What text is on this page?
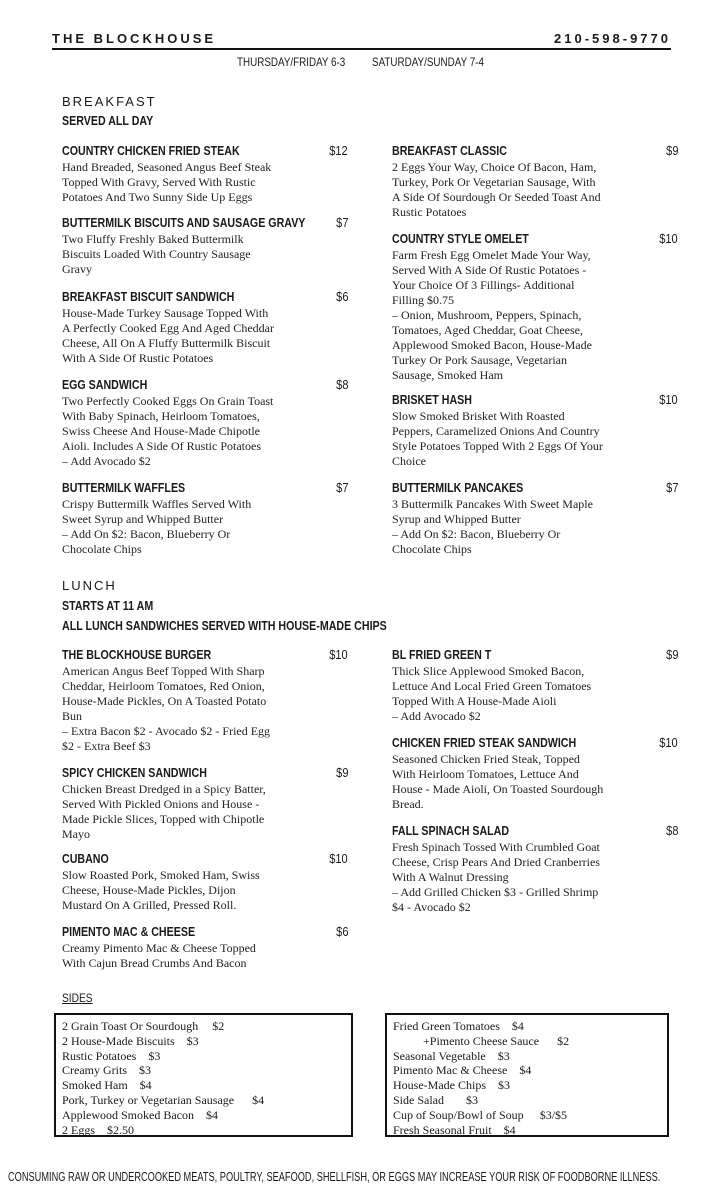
THE BLOCKHOUSE	210-598-9770
THURSDAY/FRIDAY 6-3 SATURDAY/SUNDAY 7-4
BREAKFAST
SERVED ALL DAY
COUNTRY CHICKEN FRIED STEAK	$12
Hand Breaded, Seasoned Angus Beef Steak
Topped With Gravy, Served With Rustic
Potatoes And Two Sunny Side Up Eggs
BUTTERMILK BISCUITS AND SAUSAGE GRAVY $7
Two Fluffy Freshly Baked Buttermilk
Biscuits Loaded With Country Sausage
Gravy
BREAKFAST BISCUIT SANDWICH	$6
House-Made Turkey Sausage Topped With
A Perfectly Cooked Egg And Aged Cheddar
Cheese, All On A Fluffy Buttermilk Biscuit
With A Side Of Rustic Potatoes
EGG SANDWICH	$8
Two Perfectly Cooked Eggs On Grain Toast
With Baby Spinach, Heirloom Tomatoes,
Swiss Cheese And House-Made Chipotle
Aioli. Includes A Side Of Rustic Potatoes
– Add Avocado $2
BUTTERMILK WAFFLES	$7
Crispy Buttermilk Waffles Served With
Sweet Syrup and Whipped Butter
– Add On $2: Bacon, Blueberry Or
Chocolate Chips
BREAKFAST CLASSIC	$9
2 Eggs Your Way, Choice Of Bacon, Ham,
Turkey, Pork Or Vegetarian Sausage, With
A Side Of Sourdough Or Seeded Toast And
Rustic Potatoes
COUNTRY STYLE OMELET	$10
Farm Fresh Egg Omelet Made Your Way,
Served With A Side Of Rustic Potatoes -
Your Choice Of 3 Fillings- Additional
Filling $0.75
– Onion, Mushroom, Peppers, Spinach,
Tomatoes, Aged Cheddar, Goat Cheese,
Applewood Smoked Bacon, House-Made
Turkey Or Pork Sausage, Vegetarian
Sausage, Smoked Ham
BRISKET HASH	$10
Slow Smoked Brisket With Roasted
Peppers, Caramelized Onions And Country
Style Potatoes Topped With 2 Eggs Of Your
Choice
BUTTERMILK PANCAKES	$7
3 Buttermilk Pancakes With Sweet Maple
Syrup and Whipped Butter
– Add On $2: Bacon, Blueberry Or
Chocolate Chips
LUNCH
STARTS AT 11 AM
ALL LUNCH SANDWICHES SERVED WITH HOUSE-MADE CHIPS
THE BLOCKHOUSE BURGER	$10
American Angus Beef Topped With Sharp
Cheddar, Heirloom Tomatoes, Red Onion,
House-Made Pickles, On A Toasted Potato
Bun
– Extra Bacon $2 - Avocado $2 - Fried Egg
$2 - Extra Beef $3
SPICY CHICKEN SANDWICH	$9
Chicken Breast Dredged in a Spicy Batter,
Served With Pickled Onions and House -
Made Pickle Slices, Topped with Chipotle
Mayo
CUBANO	$10
Slow Roasted Pork, Smoked Ham, Swiss
Cheese, House-Made Pickles, Dijon
Mustard On A Grilled, Pressed Roll.
PIMENTO MAC & CHEESE	$6
Creamy Pimento Mac & Cheese Topped
With Cajun Bread Crumbs And Bacon
BL FRIED GREEN T	$9
Thick Slice Applewood Smoked Bacon,
Lettuce And Local Fried Green Tomatoes
Topped With A House-Made Aioli
– Add Avocado $2
CHICKEN FRIED STEAK SANDWICH	$10
Seasoned Chicken Fried Steak, Topped
With Heirloom Tomatoes, Lettuce And
House - Made Aioli, On Toasted Sourdough
Bread.
FALL SPINACH SALAD	$8
Fresh Spinach Tossed With Crumbled Goat
Cheese, Crisp Pears And Dried Cranberries
With A Walnut Dressing
– Add Grilled Chicken $3 - Grilled Shrimp
$4 - Avocado $2
SIDES
2 Grain Toast Or Sourdough $2
2 House-Made Biscuits $3
Rustic Potatoes $3
Creamy Grits $3
Smoked Ham $4
Pork, Turkey or Vegetarian Sausage $4
Applewood Smoked Bacon $4
2 Eggs $2.50
Fried Green Tomatoes $4
+Pimento Cheese Sauce $2
Seasonal Vegetable $3
Pimento Mac & Cheese $4
House-Made Chips $3
Side Salad $3
Cup of Soup/Bowl of Soup $3/$5
Fresh Seasonal Fruit $4
CONSUMING RAW OR UNDERCOOKED MEATS, POULTRY, SEAFOOD, SHELLFISH, OR EGGS MAY INCREASE YOUR RISK OF FOODBORNE ILLNESS.
